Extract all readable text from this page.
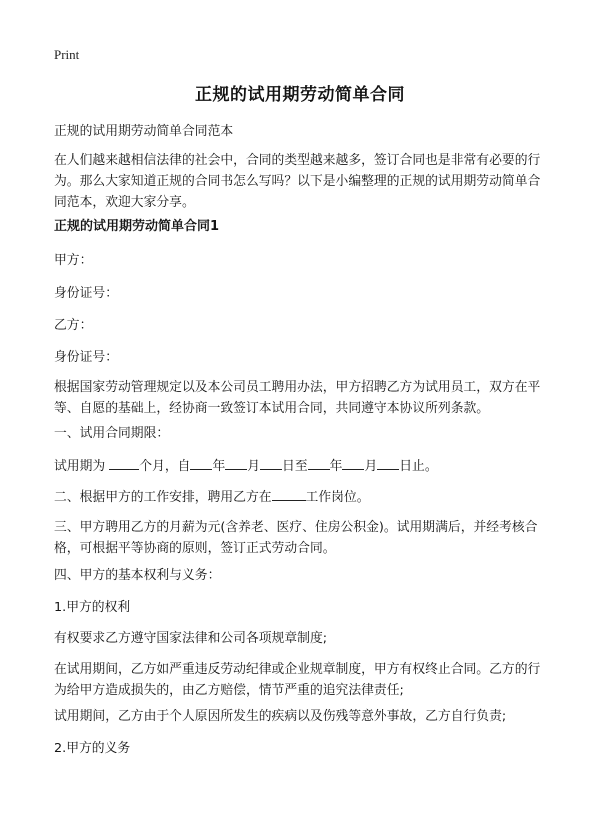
Print
正规的试用期劳动简单合同

正规的试用期劳动简单合同范本

在人们越来越相信法律的社会中，合同的类型越来越多，签订合同也是非常有必要的行为。那么大家知道正规的合同书怎么写吗？以下是小编整理的正规的试用期劳动简单合同范本，欢迎大家分享。

正规的试用期劳动简单合同1

甲方：

身份证号：

乙方：

身份证号：

根据国家劳动管理规定以及本公司员工聘用办法，甲方招聘乙方为试用员工，双方在平等、自愿的基础上，经协商一致签订本试用合同，共同遵守本协议所列条款。

一、试用合同期限：

试用期为	个月，自 年 月 日至 年 月 日止。

二、根据甲方的工作安排，聘用乙方在	工作岗位。

三、甲方聘用乙方的月薪为元(含养老、医疗、住房公积金)。试用期满后，并经考核合格，可根据平等协商的原则，签订正式劳动合同。

四、甲方的基本权利与义务：

1.甲方的权利

有权要求乙方遵守国家法律和公司各项规章制度;

在试用期间，乙方如严重违反劳动纪律或企业规章制度，甲方有权终止合同。乙方的行为给甲方造成损失的，由乙方赔偿，情节严重的追究法律责任;

试用期间，乙方由于个人原因所发生的疾病以及伤残等意外事故，乙方自行负责;

2.甲方的义务
